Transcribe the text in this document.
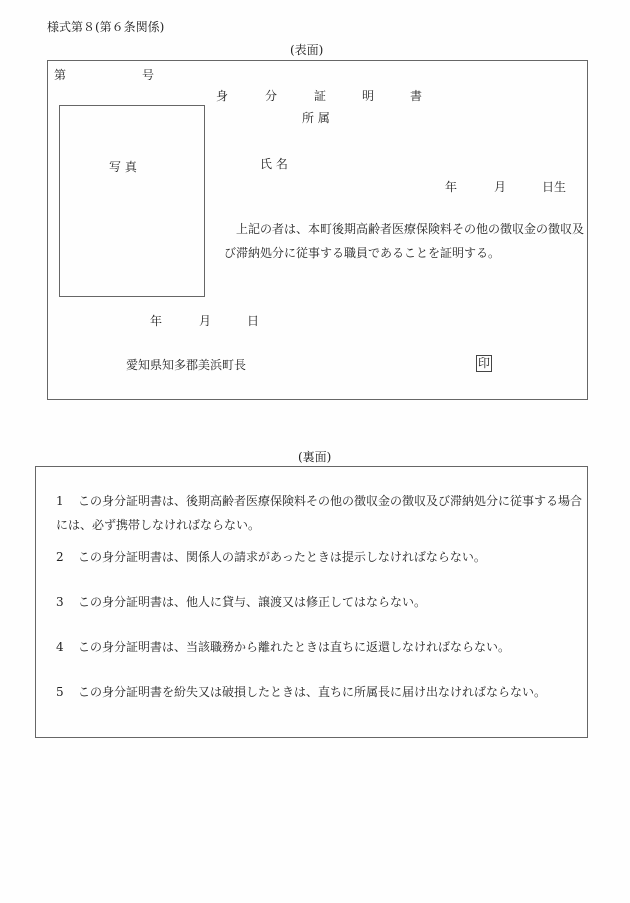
様式第８(第６条関係)
(表面)
第	号
身	分	証	明	書
所 属
写 真	氏 名
年	月	日生
上記の者は、本町後期高齢者医療保険料その他の徴収金の徴収及び滞納処分に従事する職員であることを証明する。
年	月	日
愛知県知多郡美浜町長	印
(裏面)
1 この身分証明書は、後期高齢者医療保険料その他の徴収金の徴収及び滞納処分に従事する場合には、必ず携帯しなければならない。
2 この身分証明書は、関係人の請求があったときは提示しなければならない。
3 この身分証明書は、他人に貸与、譲渡又は修正してはならない。
4 この身分証明書は、当該職務から離れたときは直ちに返還しなければならない。
5 この身分証明書を紛失又は破損したときは、直ちに所属長に届け出なければならない。
